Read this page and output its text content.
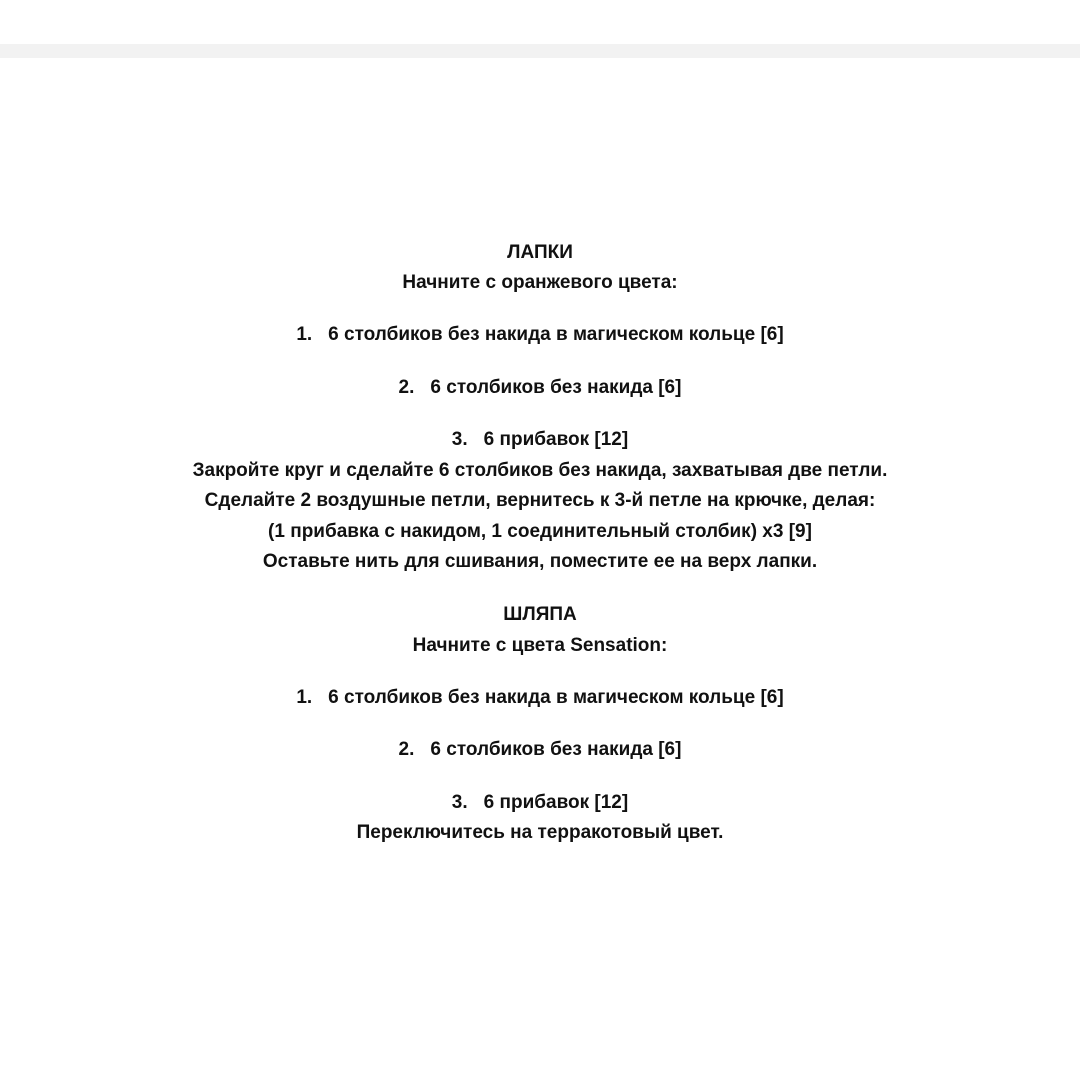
ЛАПКИ
Начните с оранжевого цвета:
1. 6 столбиков без накида в магическом кольце [6]
2. 6 столбиков без накида [6]
3. 6 прибавок [12]
Закройте круг и сделайте 6 столбиков без накида, захватывая две петли.
Сделайте 2 воздушные петли, вернитесь к 3-й петле на крючке, делая:
(1 прибавка с накидом, 1 соединительный столбик) x3 [9]
Оставьте нить для сшивания, поместите ее на верх лапки.
ШЛЯПА
Начните с цвета Sensation:
1. 6 столбиков без накида в магическом кольце [6]
2. 6 столбиков без накида [6]
3. 6 прибавок [12]
Переключитесь на терракотовый цвет.
